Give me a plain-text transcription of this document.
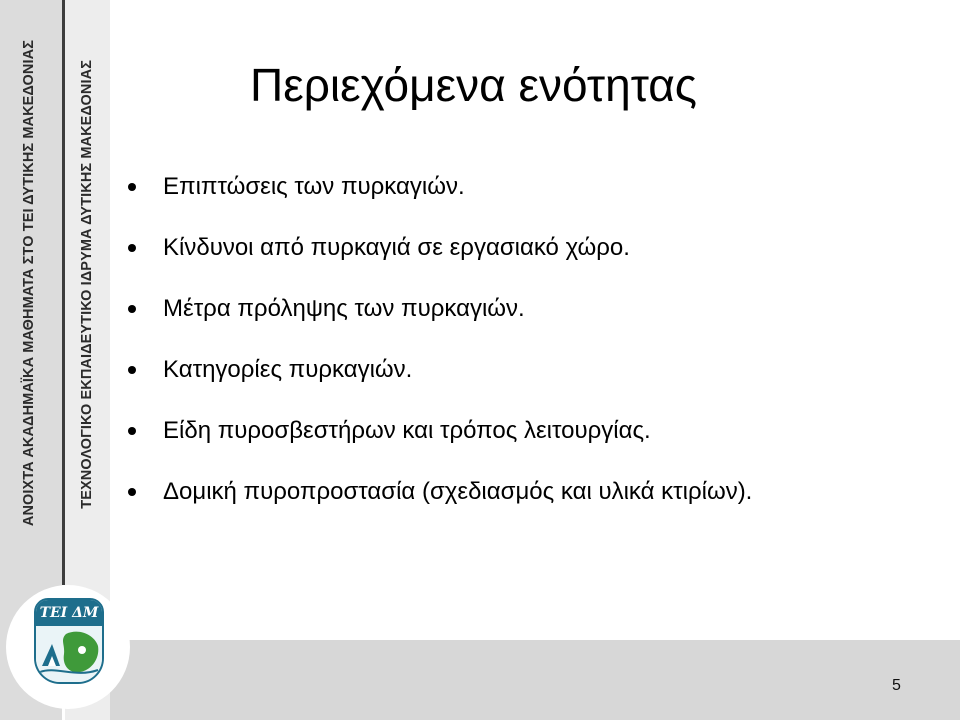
ΑΝΟΙΧΤΑ ΑΚΑΔΗΜΑΪΚΑ ΜΑΘΗΜΑΤΑ ΣΤΟ ΤΕΙ ΔΥΤΙΚΗΣ ΜΑΚΕΔΟΝΙΑΣ	ΤΕΧΝΟΛΟΓΙΚΟ ΕΚΠΑΙΔΕΥΤΙΚΟ ΙΔΡΥΜΑ ΔΥΤΙΚΗΣ ΜΑΚΕΔΟΝΙΑΣ
5
ΤΕΙ ΔΜ
Περιεχόμενα ενότητας
Επιπτώσεις των πυρκαγιών.
Κίνδυνοι από πυρκαγιά σε εργασιακό χώρο.
Μέτρα πρόληψης των πυρκαγιών.
Κατηγορίες πυρκαγιών.
Είδη πυροσβεστήρων και τρόπος λειτουργίας.
Δομική πυροπροστασία (σχεδιασμός και υλικά κτιρίων).
